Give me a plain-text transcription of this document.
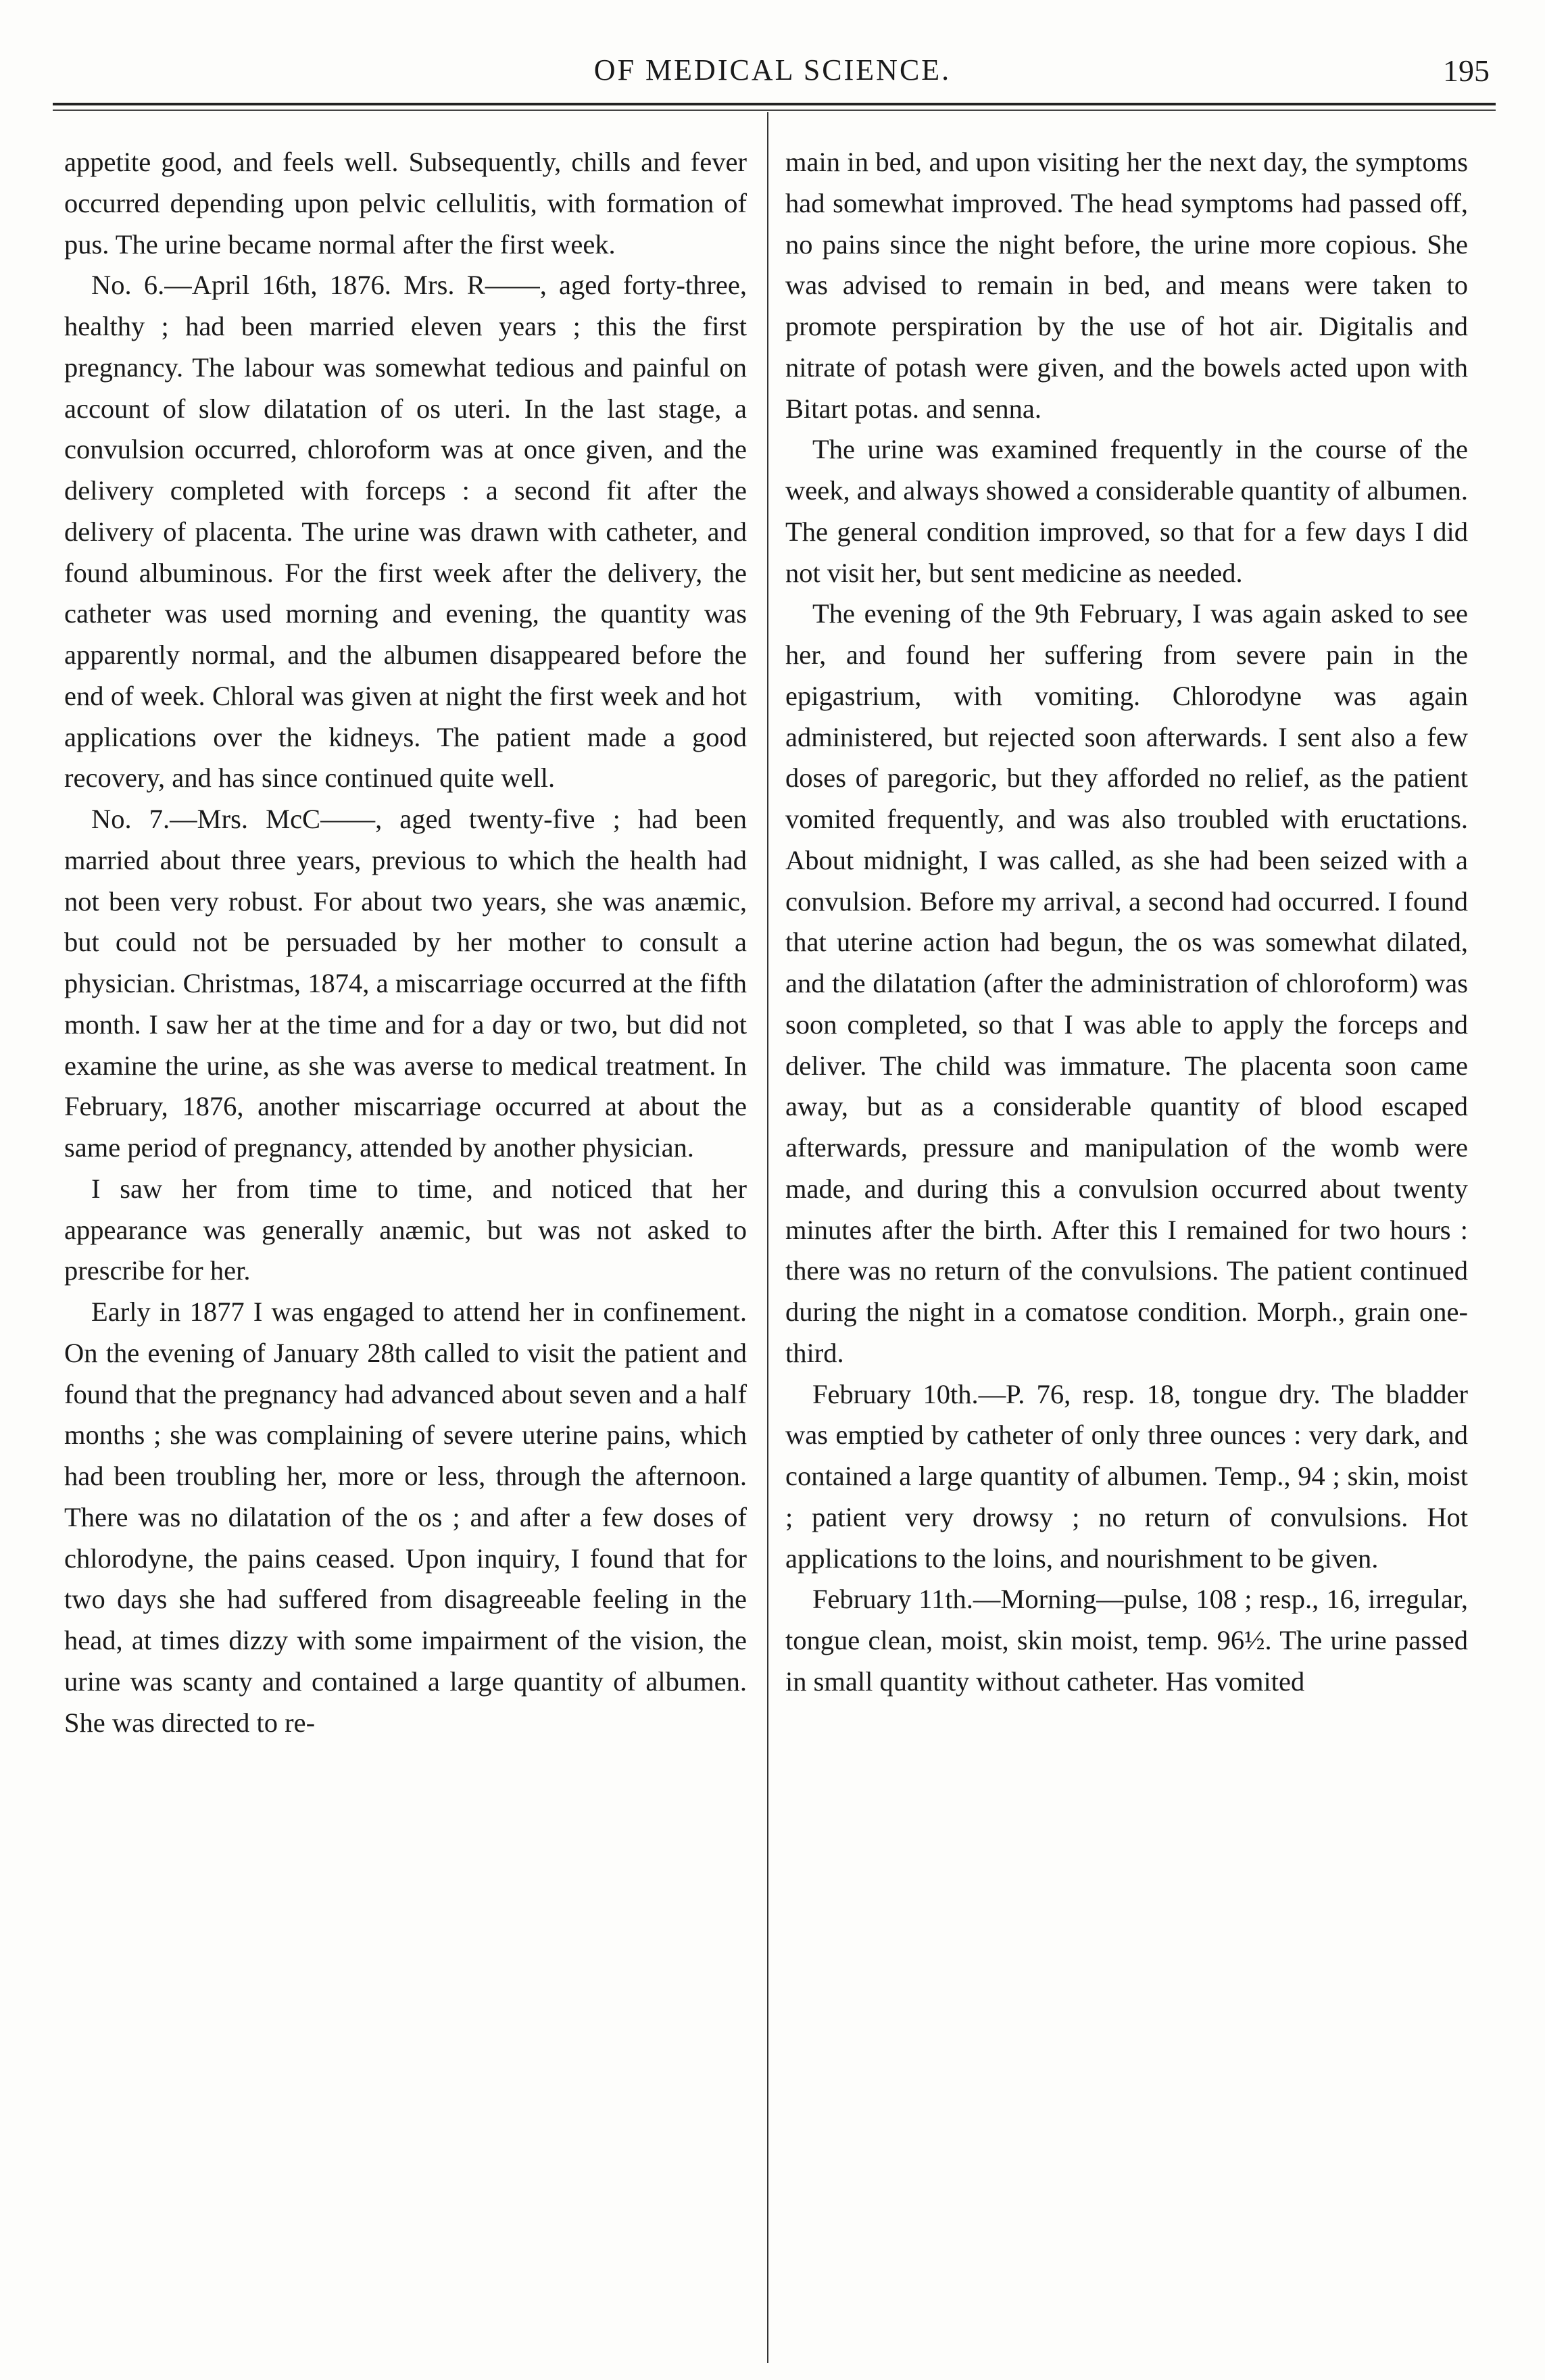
OF MEDICAL SCIENCE.	195

appetite good, and feels well. Subsequently, chills and fever occurred depending upon pelvic cellulitis, with formation of pus. The urine became normal after the first week.

No. 6.—April 16th, 1876. Mrs. R——, aged forty-three, healthy ; had been married eleven years ; this the first pregnancy. The labour was somewhat tedious and painful on account of slow dilatation of os uteri. In the last stage, a convulsion occurred, chloroform was at once given, and the delivery completed with forceps : a second fit after the delivery of placenta. The urine was drawn with catheter, and found albuminous. For the first week after the delivery, the catheter was used morning and evening, the quantity was apparently normal, and the albumen disappeared before the end of week. Chloral was given at night the first week and hot applications over the kidneys. The patient made a good recovery, and has since continued quite well.

No. 7.—Mrs. McC——, aged twenty-five ; had been married about three years, previous to which the health had not been very robust. For about two years, she was anæmic, but could not be persuaded by her mother to consult a physician. Christmas, 1874, a miscarriage occurred at the fifth month. I saw her at the time and for a day or two, but did not examine the urine, as she was averse to medical treatment. In February, 1876, another miscarriage occurred at about the same period of pregnancy, attended by another physician.

I saw her from time to time, and noticed that her appearance was generally anæmic, but was not asked to prescribe for her.

Early in 1877 I was engaged to attend her in confinement. On the evening of January 28th called to visit the patient and found that the pregnancy had advanced about seven and a half months ; she was complaining of severe uterine pains, which had been troubling her, more or less, through the afternoon. There was no dilatation of the os ; and after a few doses of chlorodyne, the pains ceased. Upon inquiry, I found that for two days she had suffered from disagreeable feeling in the head, at times dizzy with some impairment of the vision, the urine was scanty and contained a large quantity of albumen. She was directed to re-

main in bed, and upon visiting her the next day, the symptoms had somewhat improved. The head symptoms had passed off, no pains since the night before, the urine more copious. She was advised to remain in bed, and means were taken to promote perspiration by the use of hot air. Digitalis and nitrate of potash were given, and the bowels acted upon with Bitart potas. and senna.

The urine was examined frequently in the course of the week, and always showed a considerable quantity of albumen. The general condition improved, so that for a few days I did not visit her, but sent medicine as needed.

The evening of the 9th February, I was again asked to see her, and found her suffering from severe pain in the epigastrium, with vomiting. Chlorodyne was again administered, but rejected soon afterwards. I sent also a few doses of paregoric, but they afforded no relief, as the patient vomited frequently, and was also troubled with eructations. About midnight, I was called, as she had been seized with a convulsion. Before my arrival, a second had occurred. I found that uterine action had begun, the os was somewhat dilated, and the dilatation (after the administration of chloroform) was soon completed, so that I was able to apply the forceps and deliver. The child was immature. The placenta soon came away, but as a considerable quantity of blood escaped afterwards, pressure and manipulation of the womb were made, and during this a convulsion occurred about twenty minutes after the birth. After this I remained for two hours : there was no return of the convulsions. The patient continued during the night in a comatose condition. Morph., grain one-third.

February 10th.—P. 76, resp. 18, tongue dry. The bladder was emptied by catheter of only three ounces : very dark, and contained a large quantity of albumen. Temp., 94 ; skin, moist ; patient very drowsy ; no return of convulsions. Hot applications to the loins, and nourishment to be given.

February 11th.—Morning—pulse, 108 ; resp., 16, irregular, tongue clean, moist, skin moist, temp. 96½. The urine passed in small quantity without catheter. Has vomited
